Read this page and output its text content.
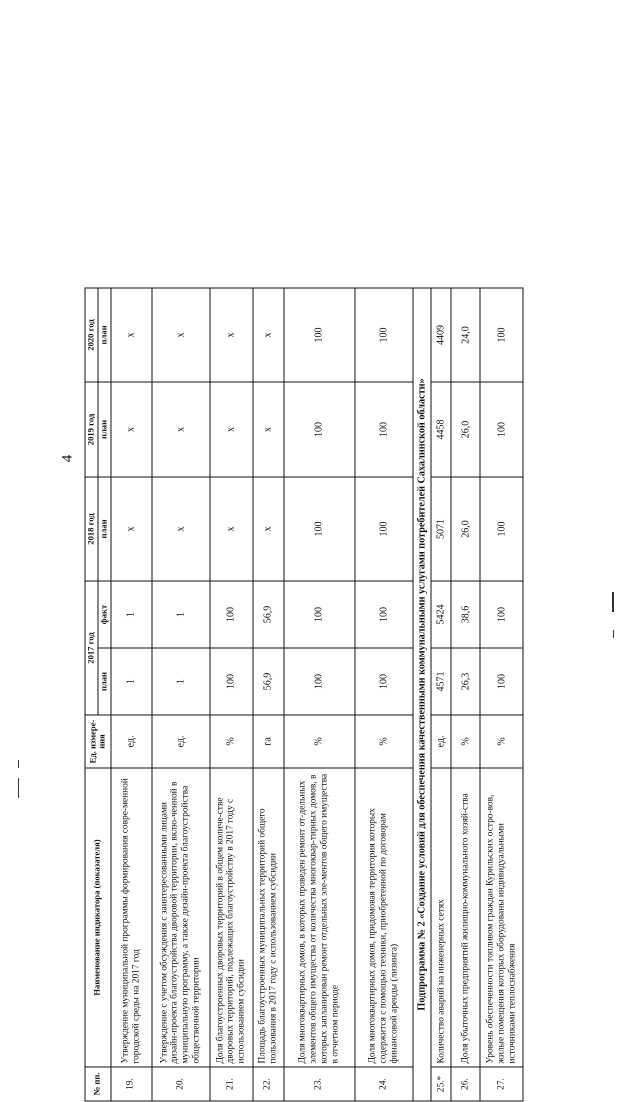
4
№ пп.	Наименование индикатора (показателя)	Ед. измере-ния	2017 год		2018 год	2019 год	2020 год
			план	факт	план	план	план
19.	Утверждение муниципальной программы формирования совре-менной городской среды на 2017 год	ед.	1	1	х	х	х
20.	Утверждение с учетом обсуждения с заинтересованными лицами дизайн-проекта благоустройства дворовой территории, вклю-ченной в муниципальную программу, а также дизайн-проекта благоустройства общественной территории	ед.	1	1	х	х	х
21.	Доля благоустроенных дворовых территорий в общем количе-стве дворовых территорий, подлежащих благоустройству в 2017 году с использованием субсидии	%	100	100	х	х	х
22.	Площадь благоустроенных муниципальных территорий общего пользования в 2017 году с использованием субсидии	га	56,9	56,9	х	х	х
23.	Доля многоквартирных домов, в которых проведен ремонт от-дельных элементов общего имущества от количества многоквар-тирных домов, в которых запланирован ремонт отдельных эле-ментов общего имущества в отчетном периоде	%	100	100	100	100	100
24.	Доля многоквартирных домов, придомовая территория которых содержится с помощью техники, приобретенной по договорам финансовой аренды (лизинга)	%	100	100	100	100	100
Подпрограмма № 2 «Создание условий для обеспечения качественными коммунальными услугами потребителей Сахалинской области»							
25.*	Количество аварий на инженерных сетях	ед.	4571	5424	5071	4458	4409
26.	Доля убыточных предприятий жилищно-коммунального хозяй-ства	%	26,3	38,6	26,0	26,0	24,0
27.	Уровень обеспеченности топливом граждан Курильских остро-вов, жилые помещения которых оборудованы индивидуальными источниками теплоснабжения	%	100	100	100	100	100
